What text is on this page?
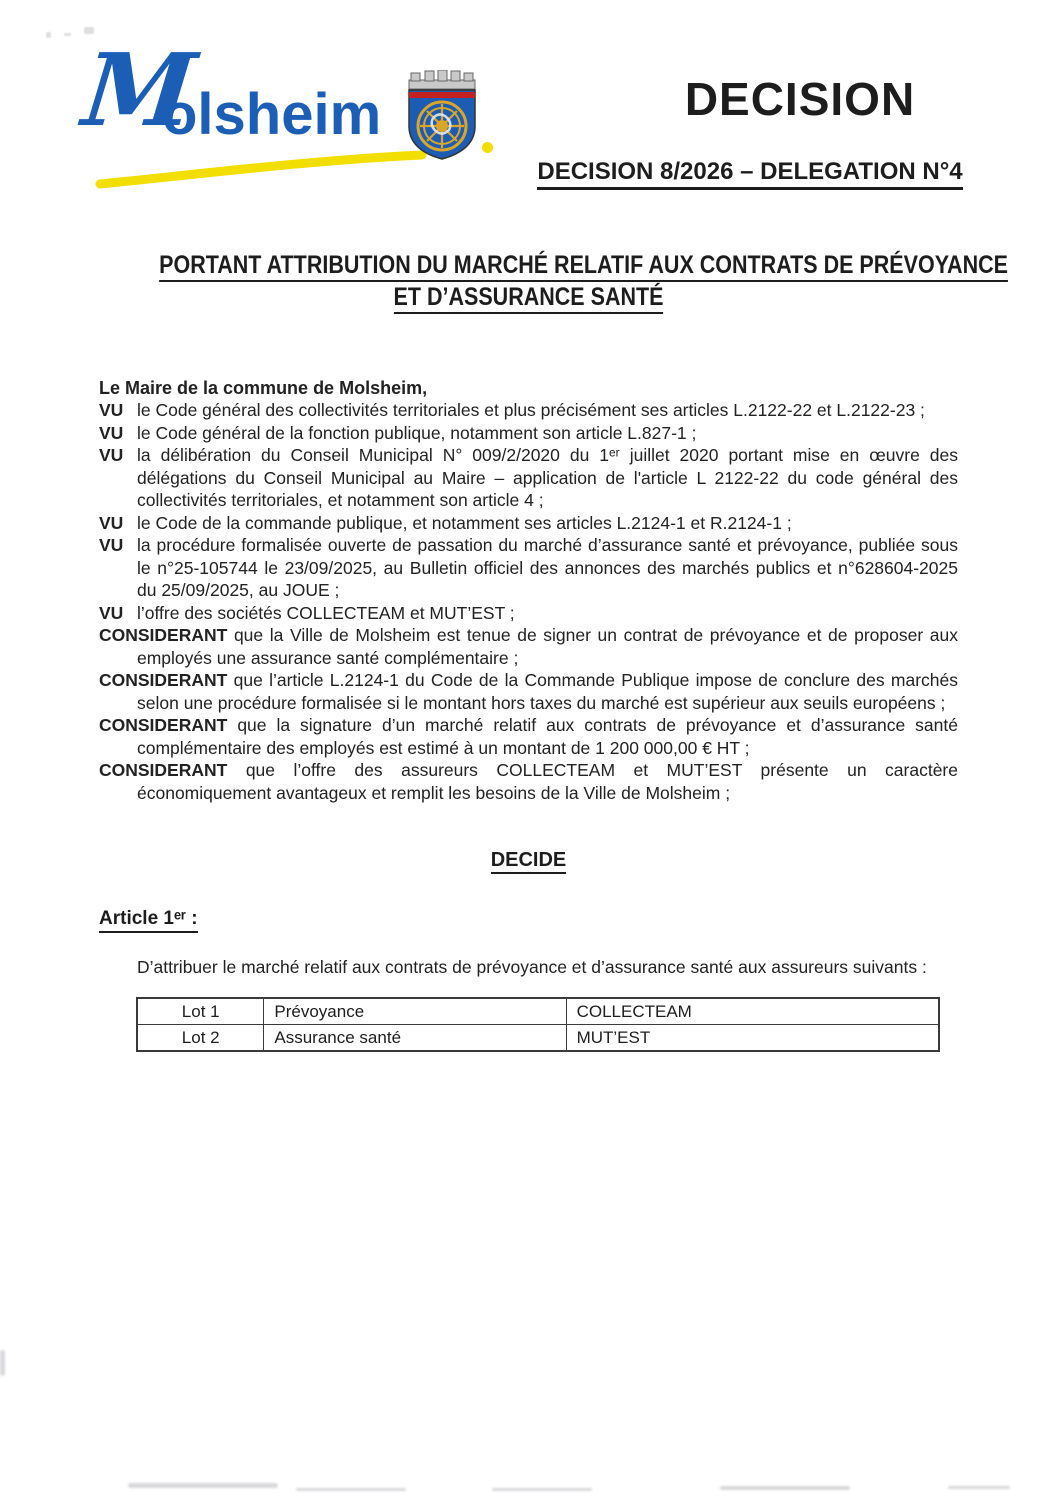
M
olsheim	DECISION
DECISION 8/2026 – DELEGATION N°4
PORTANT ATTRIBUTION DU MARCHÉ RELATIF AUX CONTRATS DE PRÉVOYANCE
ET D’ASSURANCE SANTÉ
Le Maire de la commune de Molsheim,

VU le Code général des collectivités territoriales et plus précisément ses articles L.2122-22 et L.2122-23 ;

VU le Code général de la fonction publique, notamment son article L.827-1 ;

VU la délibération du Conseil Municipal N° 009/2/2020 du 1ᵉʳ juillet 2020 portant mise en œuvre des délégations du Conseil Municipal au Maire – application de l'article L 2122-22 du code général des collectivités territoriales, et notamment son article 4 ;

VU le Code de la commande publique, et notamment ses articles L.2124-1 et R.2124-1 ;

VU la procédure formalisée ouverte de passation du marché d’assurance santé et prévoyance, publiée sous le n°25-105744 le 23/09/2025, au Bulletin officiel des annonces des marchés publics et n°628604-2025 du 25/09/2025, au JOUE ;

VU l’offre des sociétés COLLECTEAM et MUT’EST ;

CONSIDERANT que la Ville de Molsheim est tenue de signer un contrat de prévoyance et de proposer aux employés une assurance santé complémentaire ;

CONSIDERANT que l’article L.2124-1 du Code de la Commande Publique impose de conclure des marchés selon une procédure formalisée si le montant hors taxes du marché est supérieur aux seuils européens ;

CONSIDERANT que la signature d’un marché relatif aux contrats de prévoyance et d’assurance santé complémentaire des employés est estimé à un montant de 1 200 000,00 € HT ;

CONSIDERANT que l’offre des assureurs COLLECTEAM et MUT’EST présente un caractère économiquement avantageux et remplit les besoins de la Ville de Molsheim ;

DECIDE
Article 1ᵉʳ :

D’attribuer le marché relatif aux contrats de prévoyance et d’assurance santé aux assureurs suivants :

Lot 1	Prévoyance	COLLECTEAM
Lot 2	Assurance santé	MUT’EST
